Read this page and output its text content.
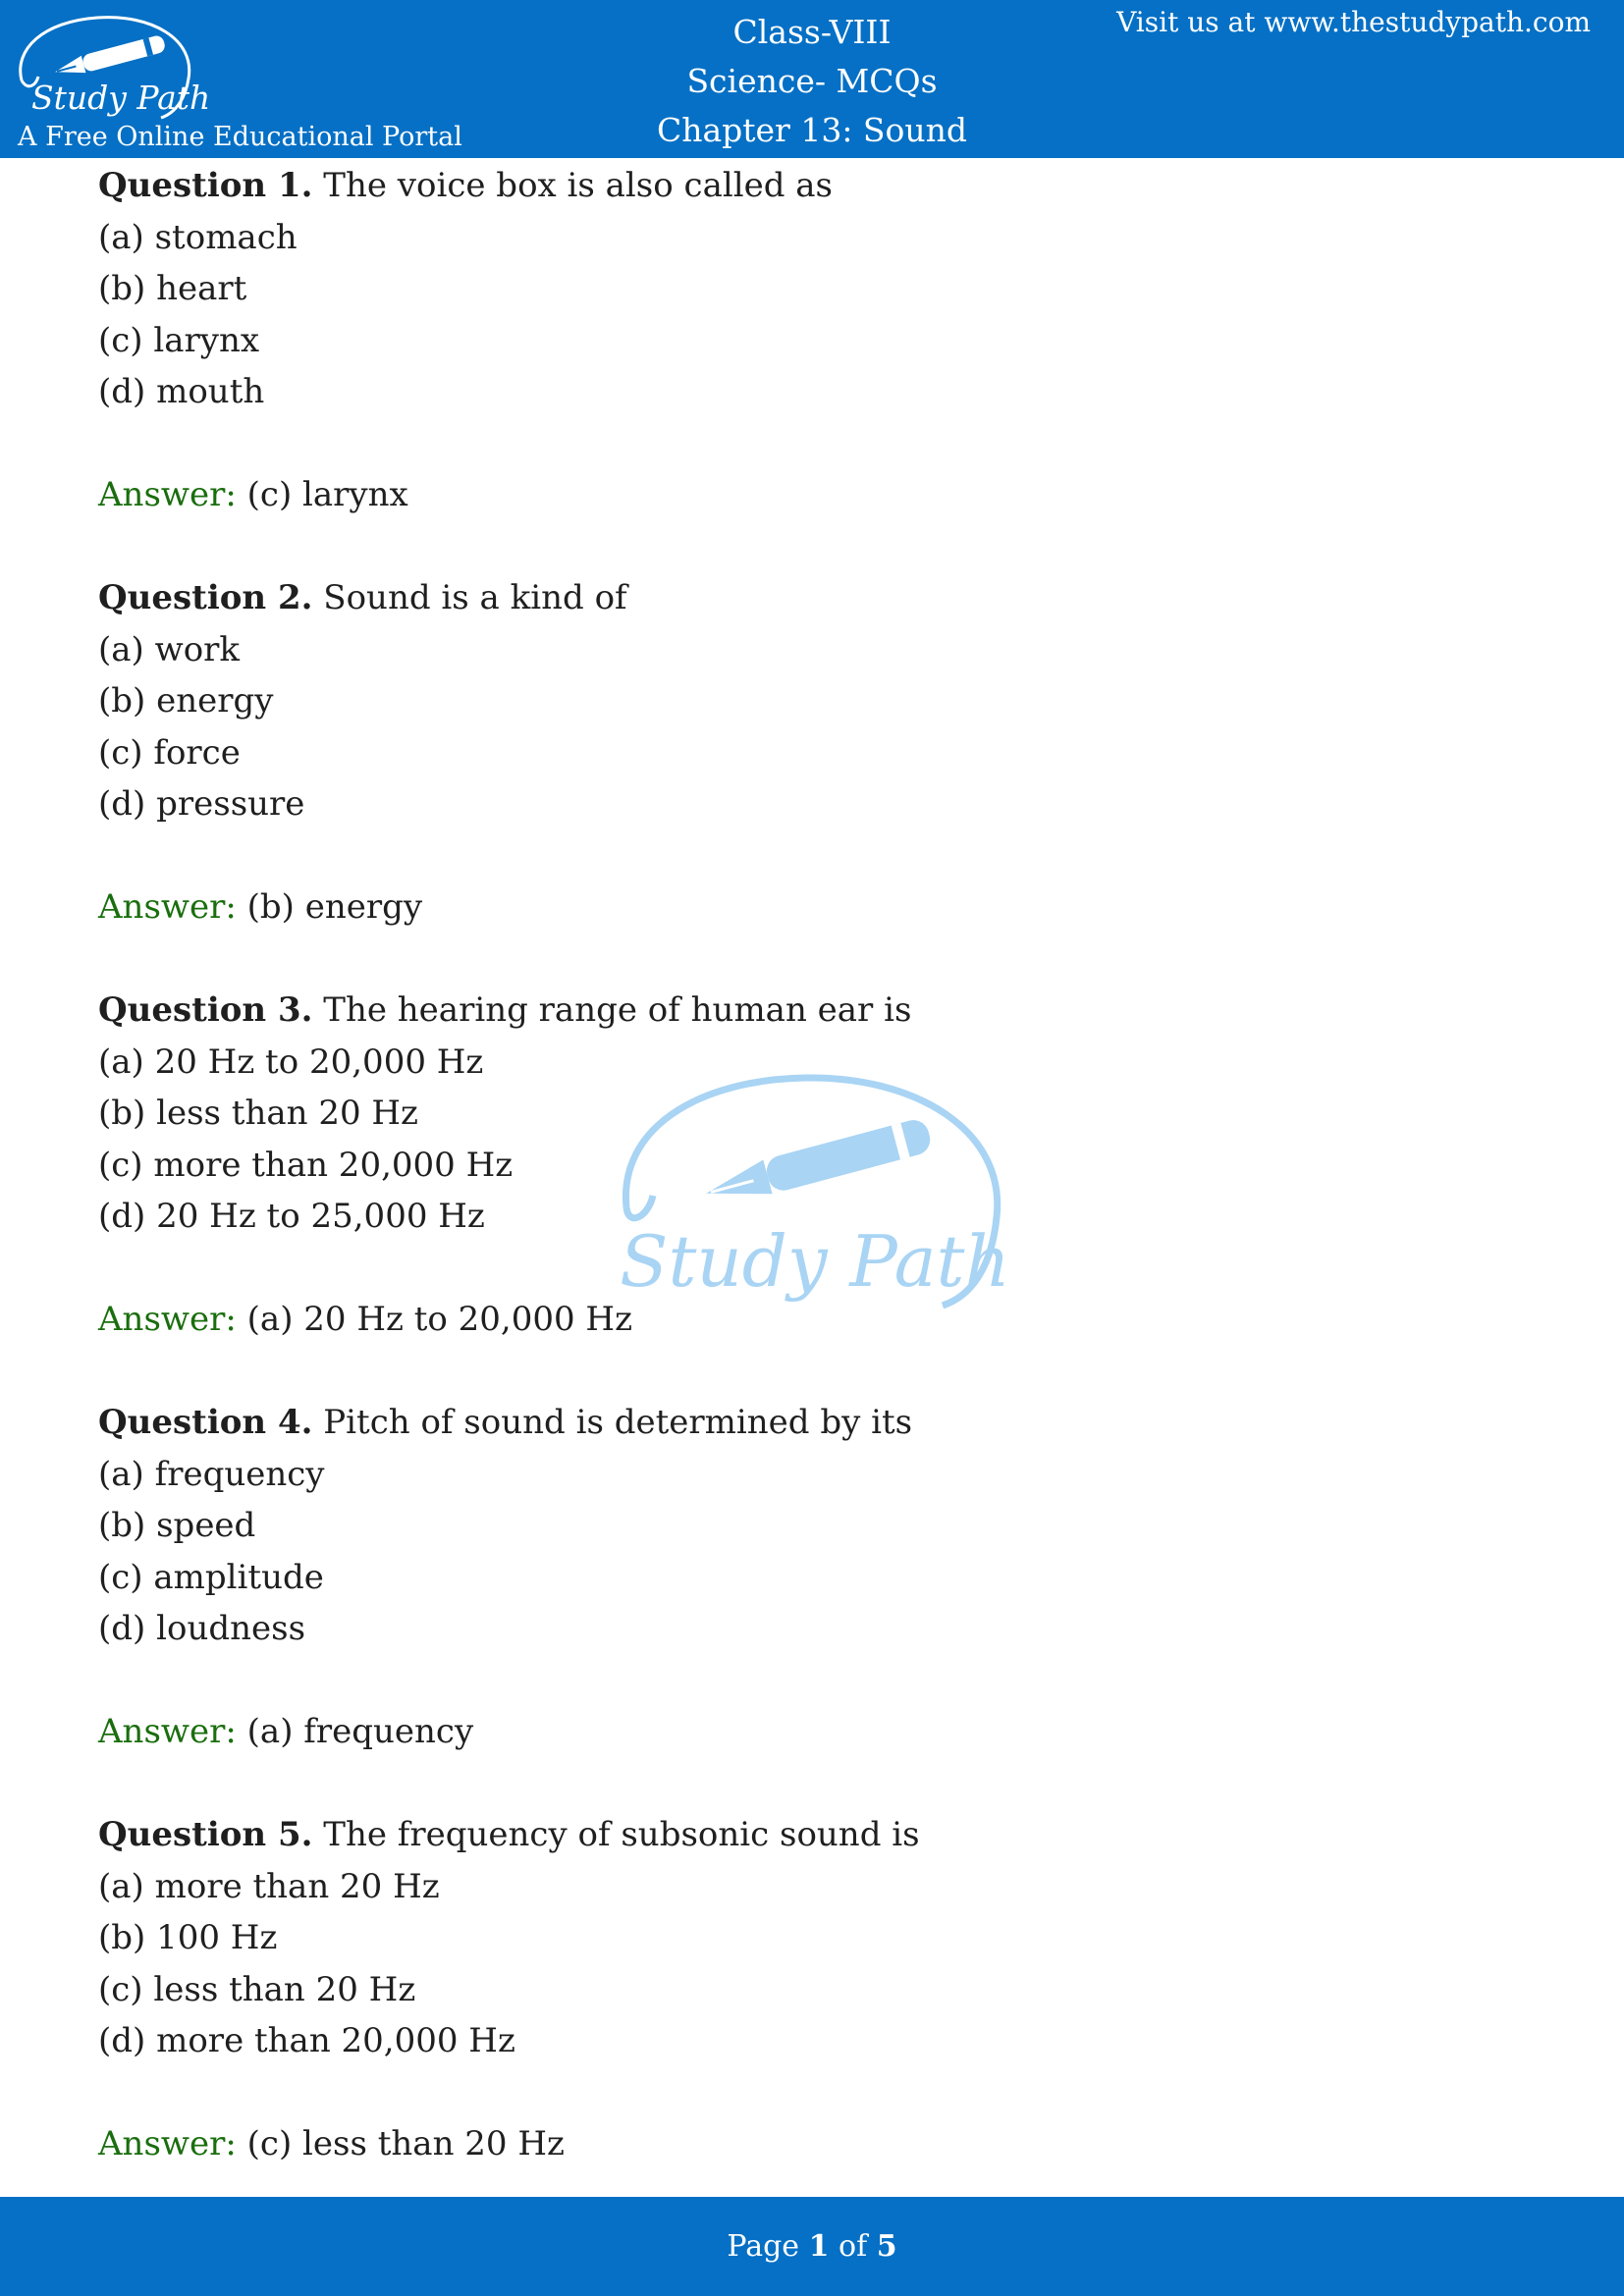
Study Path
A Free Online Educational Portal
Class-VIII
Science- MCQs
Chapter 13: Sound
Visit us at www.thestudypath.com
Study Path
Question 1. The voice box is also called as
(a) stomach
(b) heart
(c) larynx
(d) mouth
Answer: (c) larynx
Question 2. Sound is a kind of
(a) work
(b) energy
(c) force
(d) pressure
Answer: (b) energy
Question 3. The hearing range of human ear is
(a) 20 Hz to 20,000 Hz
(b) less than 20 Hz
(c) more than 20,000 Hz
(d) 20 Hz to 25,000 Hz
Answer: (a) 20 Hz to 20,000 Hz
Question 4. Pitch of sound is determined by its
(a) frequency
(b) speed
(c) amplitude
(d) loudness
Answer: (a) frequency
Question 5. The frequency of subsonic sound is
(a) more than 20 Hz
(b) 100 Hz
(c) less than 20 Hz
(d) more than 20,000 Hz
Answer: (c) less than 20 Hz
Page 1 of 5
